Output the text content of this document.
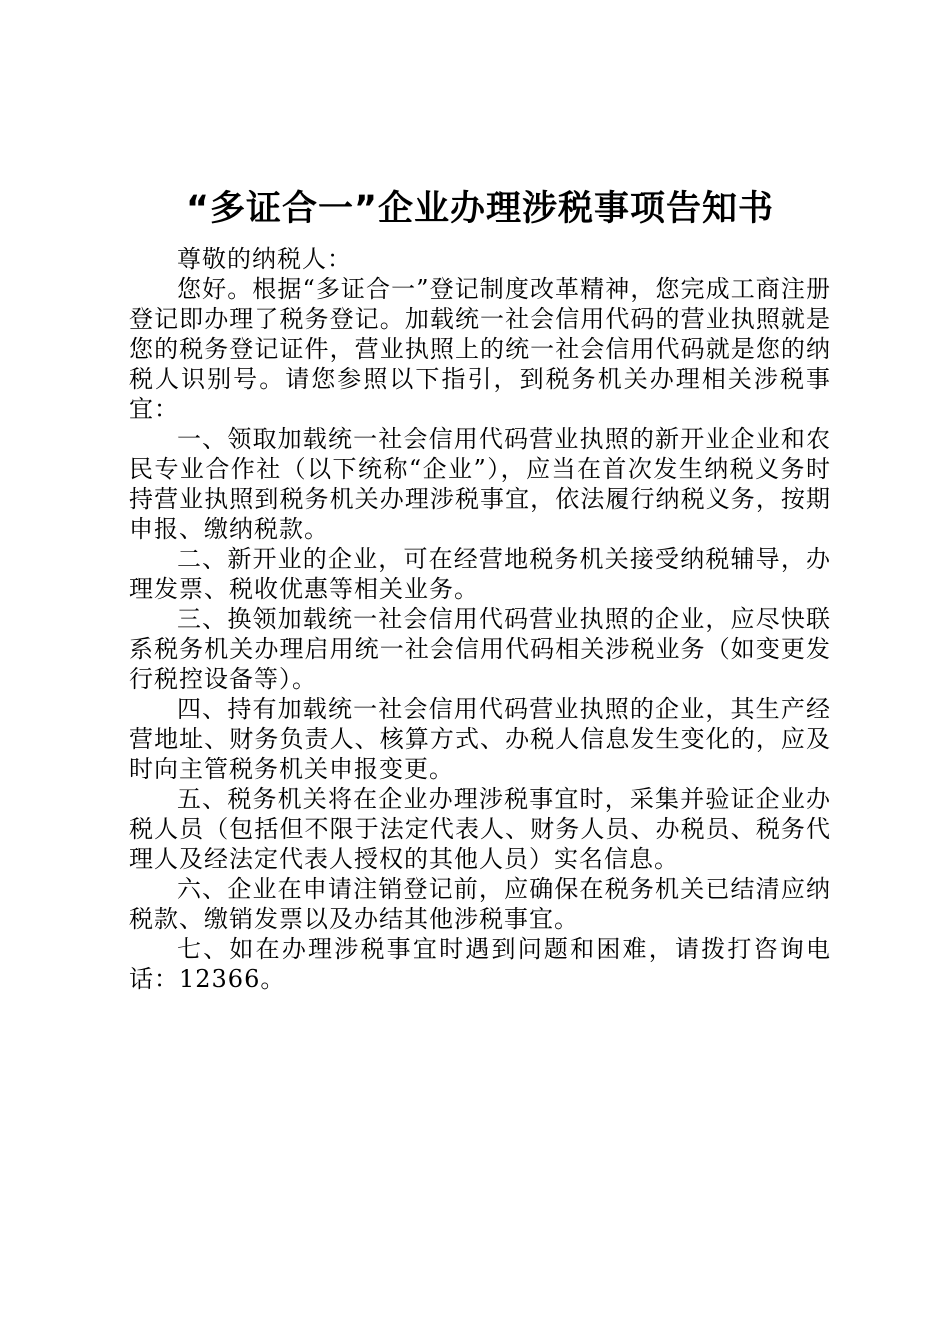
“多证合一”企业办理涉税事项告知书

尊敬的纳税人：

您好。根据“多证合一”登记制度改革精神，您完成工商注册登记即办理了税务登记。加载统一社会信用代码的营业执照就是您的税务登记证件，营业执照上的统一社会信用代码就是您的纳税人识别号。请您参照以下指引，到税务机关办理相关涉税事宜：

一、领取加载统一社会信用代码营业执照的新开业企业和农民专业合作社（以下统称“企业”），应当在首次发生纳税义务时持营业执照到税务机关办理涉税事宜，依法履行纳税义务，按期申报、缴纳税款。

二、新开业的企业，可在经营地税务机关接受纳税辅导，办理发票、税收优惠等相关业务。

三、换领加载统一社会信用代码营业执照的企业，应尽快联系税务机关办理启用统一社会信用代码相关涉税业务（如变更发行税控设备等）。

四、持有加载统一社会信用代码营业执照的企业，其生产经营地址、财务负责人、核算方式、办税人信息发生变化的，应及时向主管税务机关申报变更。

五、税务机关将在企业办理涉税事宜时，采集并验证企业办税人员（包括但不限于法定代表人、财务人员、办税员、税务代理人及经法定代表人授权的其他人员）实名信息。

六、企业在申请注销登记前，应确保在税务机关已结清应纳税款、缴销发票以及办结其他涉税事宜。

七、如在办理涉税事宜时遇到问题和困难，请拨打咨询电话：12366。
